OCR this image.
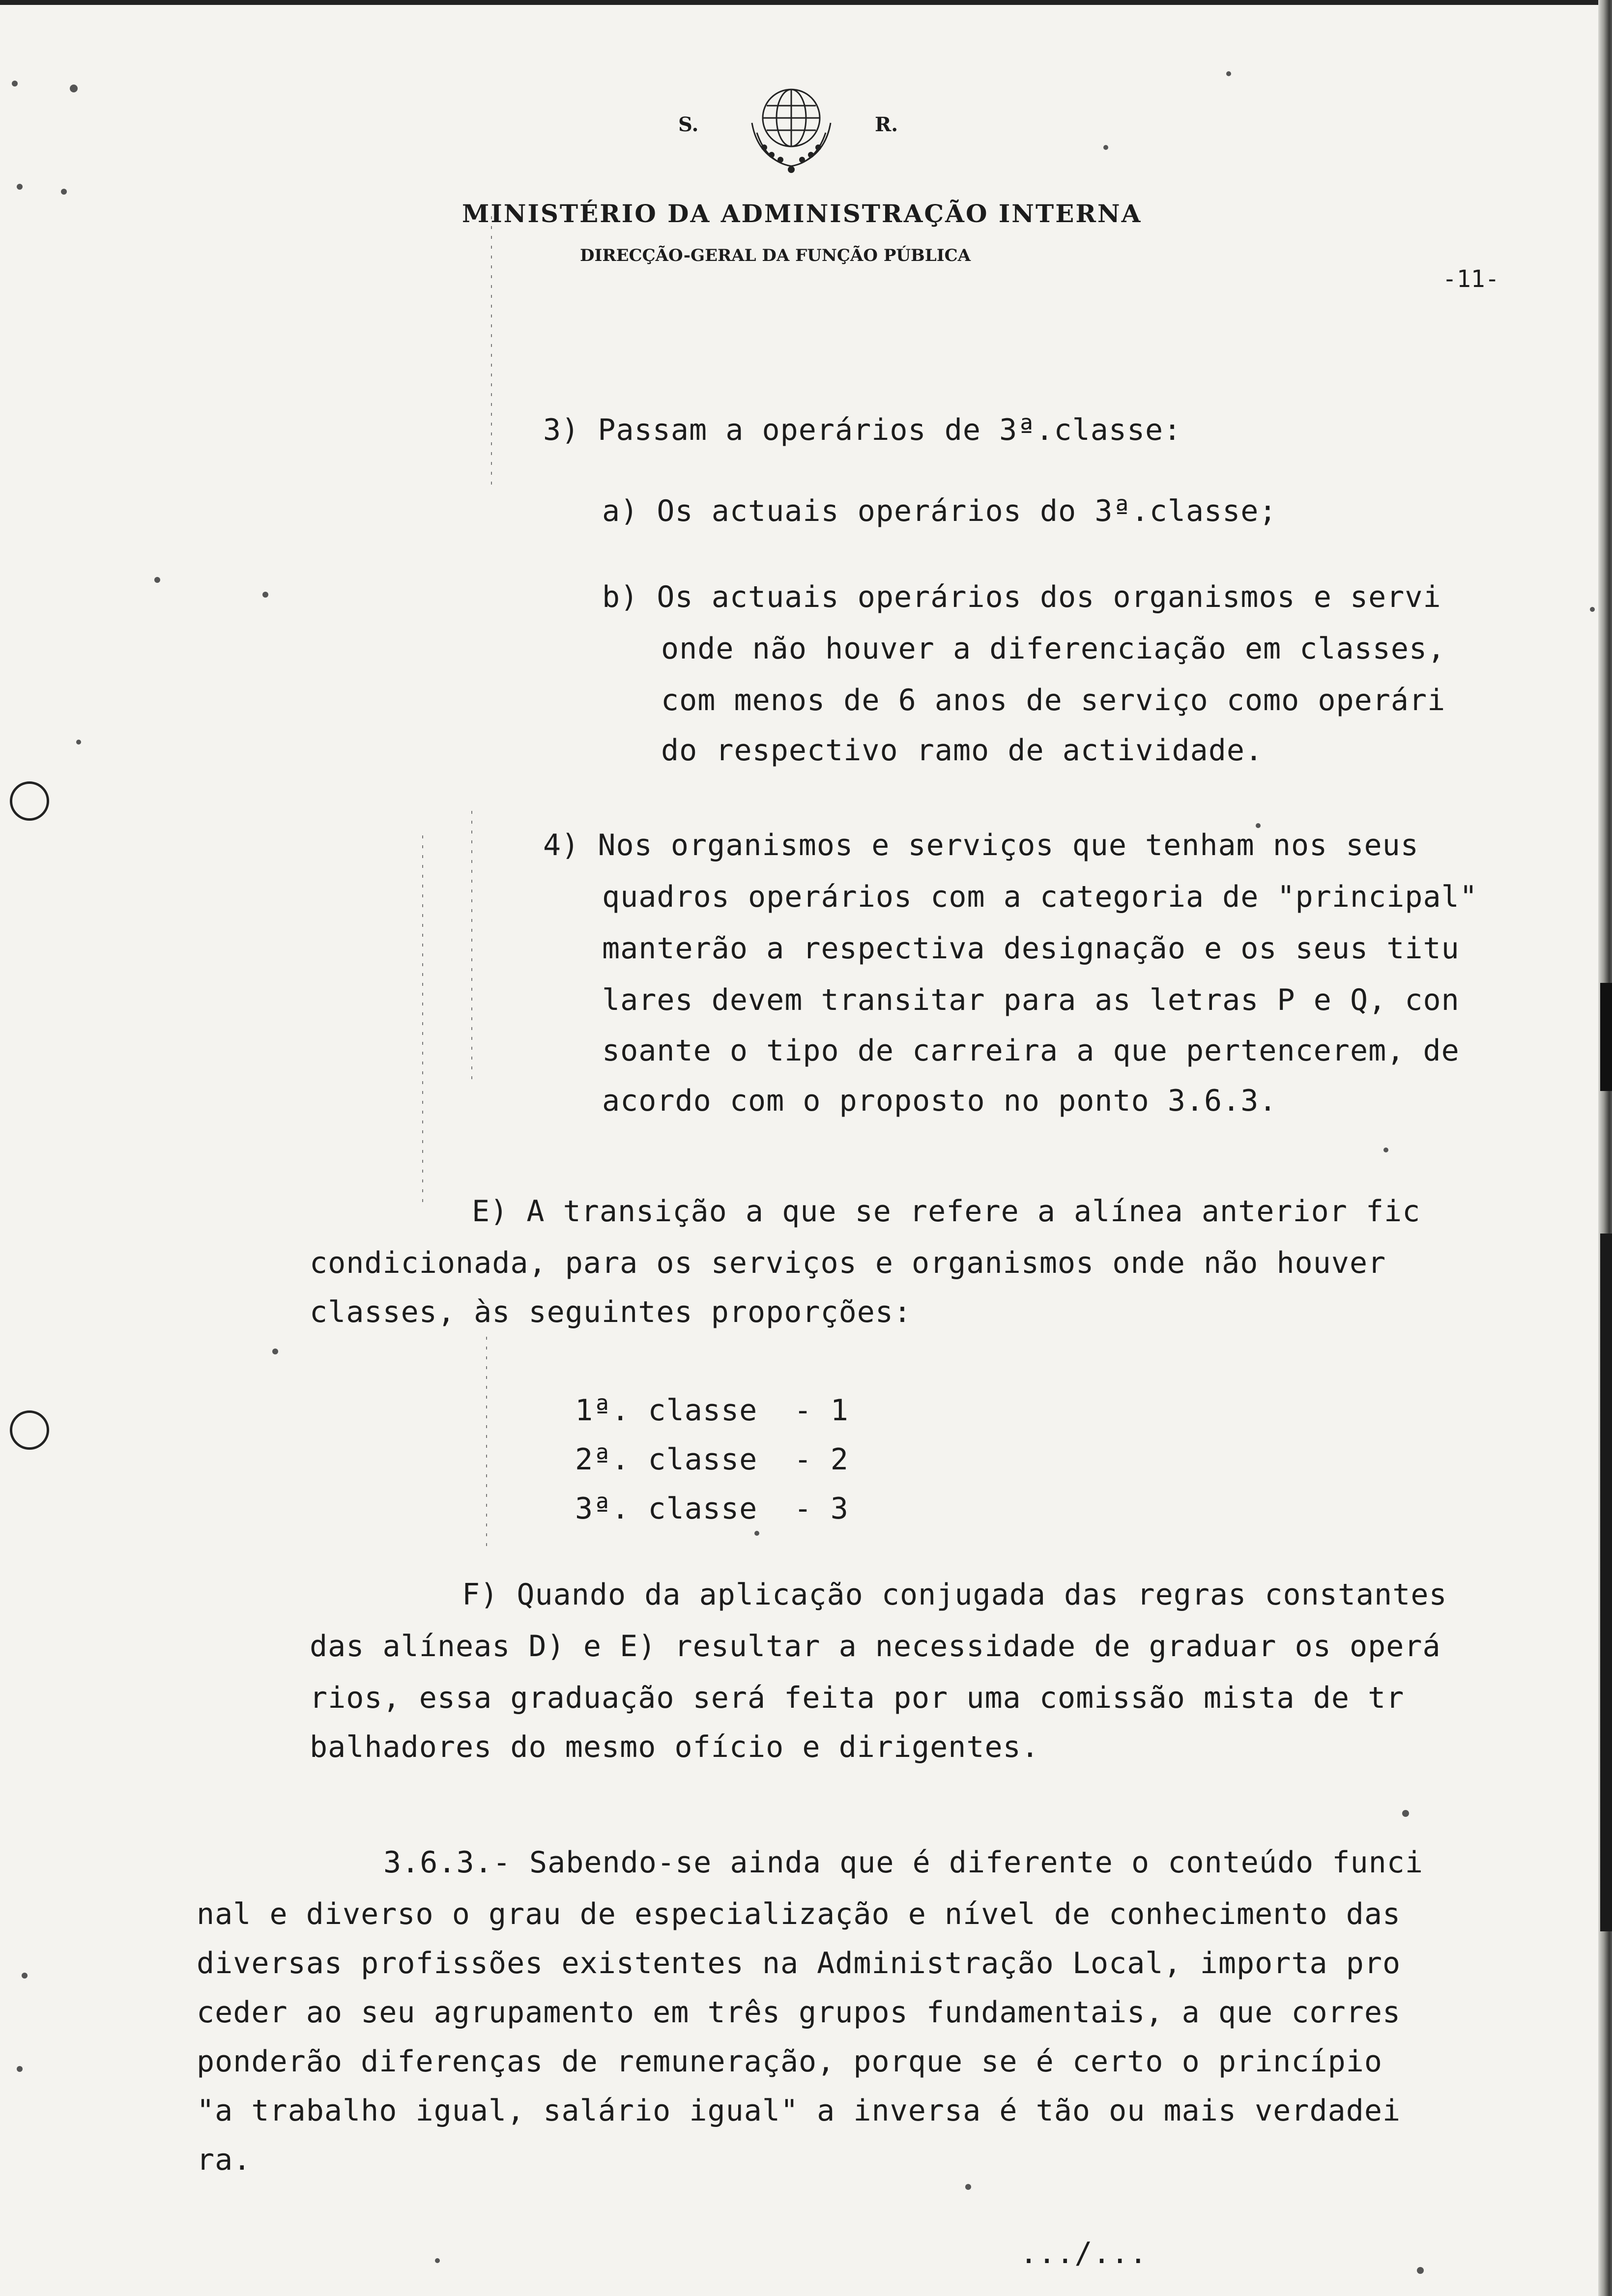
S.	R.
MINISTÉRIO DA ADMINISTRAÇÃO INTERNA
DIRECÇÃO-GERAL DA FUNÇÃO PÚBLICA
-11-
3) Passam a operários de 3ª.classe:
a) Os actuais operários do 3ª.classe;
b) Os actuais operários dos organismos e servi
onde não houver a diferenciação em classes,
com menos de 6 anos de serviço como operári
do respectivo ramo de actividade.
4) Nos organismos e serviços que tenham nos seus
quadros operários com a categoria de "principal"
manterão a respectiva designação e os seus titu
lares devem transitar para as letras P e Q, con
soante o tipo de carreira a que pertencerem, de
acordo com o proposto no ponto 3.6.3.
E) A transição a que se refere a alínea anterior fic
condicionada, para os serviços e organismos onde não houver
classes, às seguintes proporções:
1ª. classe - 1
2ª. classe - 2
3ª. classe - 3
F) Quando da aplicação conjugada das regras constantes
das alíneas D) e E) resultar a necessidade de graduar os operá
rios, essa graduação será feita por uma comissão mista de tr
balhadores do mesmo ofício e dirigentes.
3.6.3.- Sabendo-se ainda que é diferente o conteúdo funci
nal e diverso o grau de especialização e nível de conhecimento das
diversas profissões existentes na Administração Local, importa pro
ceder ao seu agrupamento em três grupos fundamentais, a que corres
ponderão diferenças de remuneração, porque se é certo o princípio
"a trabalho igual, salário igual" a inversa é tão ou mais verdadei
ra.
.../...
